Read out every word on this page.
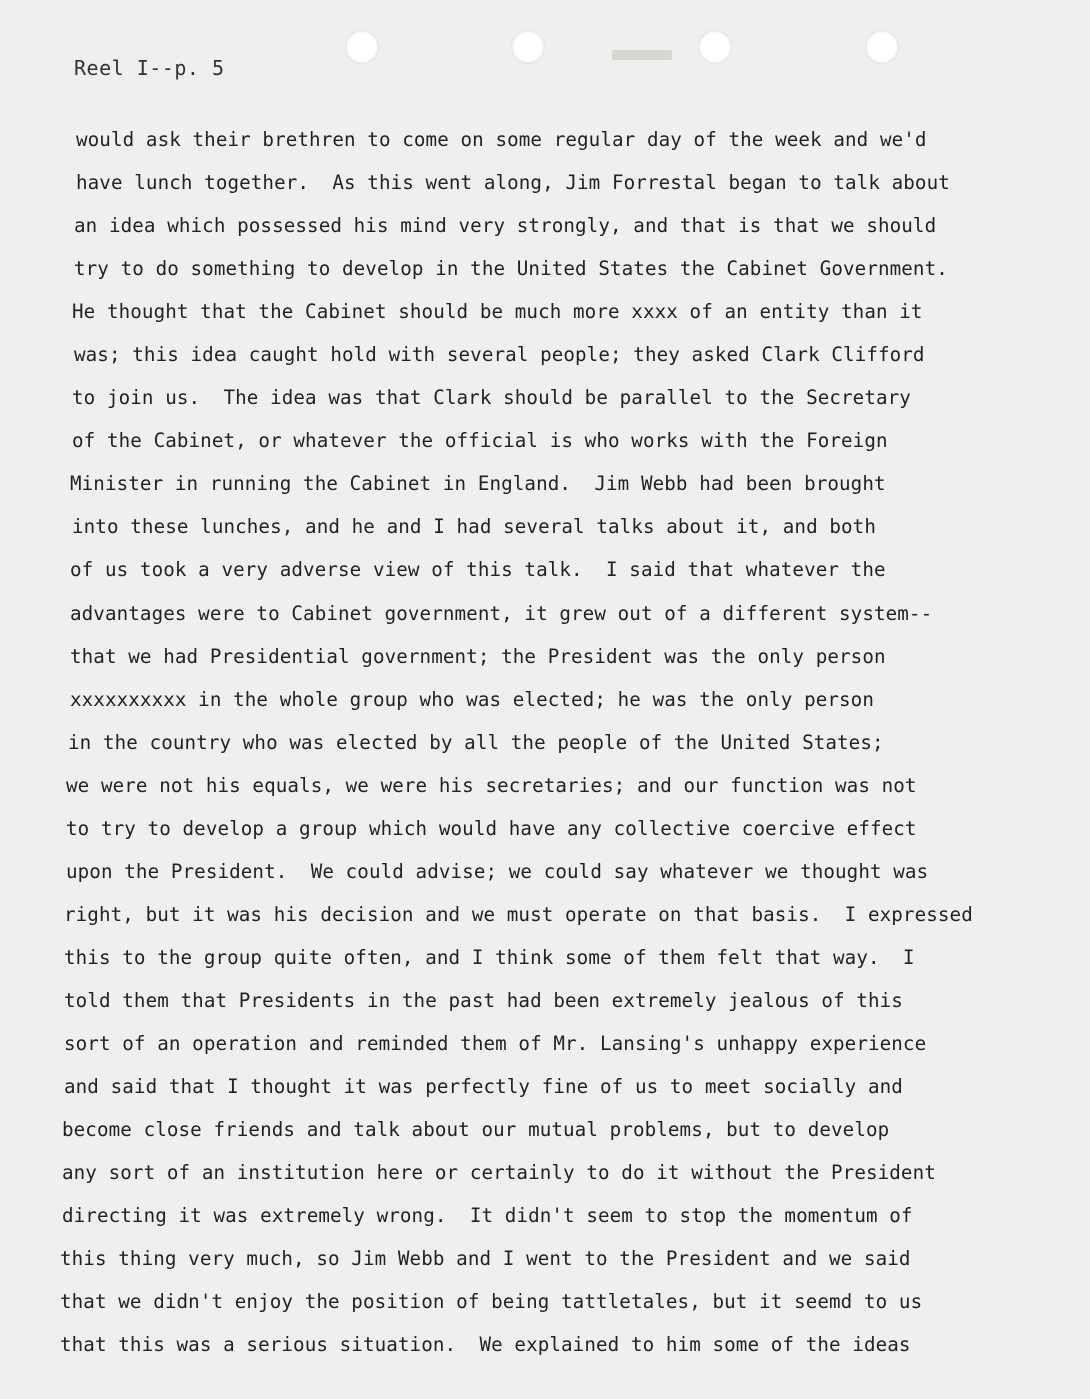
Reel I--p. 5
would ask their brethren to come on some regular day of the week and we'd
have lunch together.  As this went along, Jim Forrestal began to talk about
an idea which possessed his mind very strongly, and that is that we should
try to do something to develop in the United States the Cabinet Government.
He thought that the Cabinet should be much more xxxx of an entity than it
was; this idea caught hold with several people; they asked Clark Clifford
to join us.  The idea was that Clark should be parallel to the Secretary
of the Cabinet, or whatever the official is who works with the Foreign
Minister in running the Cabinet in England.  Jim Webb had been brought
into these lunches, and he and I had several talks about it, and both
of us took a very adverse view of this talk.  I said that whatever the
advantages were to Cabinet government, it grew out of a different system--
that we had Presidential government; the President was the only person
xxxxxxxxxx in the whole group who was elected; he was the only person
in the country who was elected by all the people of the United States;
we were not his equals, we were his secretaries; and our function was not
to try to develop a group which would have any collective coercive effect
upon the President.  We could advise; we could say whatever we thought was
right, but it was his decision and we must operate on that basis.  I expressed
this to the group quite often, and I think some of them felt that way.  I
told them that Presidents in the past had been extremely jealous of this
sort of an operation and reminded them of Mr. Lansing's unhappy experience
and said that I thought it was perfectly fine of us to meet socially and
become close friends and talk about our mutual problems, but to develop
any sort of an institution here or certainly to do it without the President
directing it was extremely wrong.  It didn't seem to stop the momentum of
this thing very much, so Jim Webb and I went to the President and we said
that we didn't enjoy the position of being tattletales, but it seemd to us
that this was a serious situation.  We explained to him some of the ideas
